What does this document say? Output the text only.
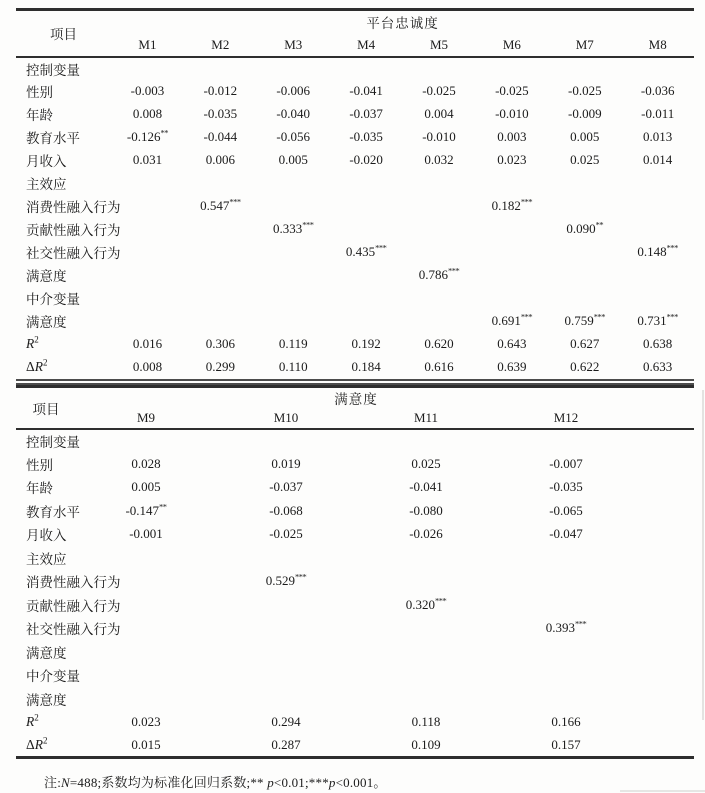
项目	平台忠诚度							
	M1	M2	M3	M4	M5	M6	M7	M8
控制变量								
性别	-0.003	-0.012	-0.006	-0.041	-0.025	-0.025	-0.025	-0.036
年龄	0.008	-0.035	-0.040	-0.037	0.004	-0.010	-0.009	-0.011
教育水平	-0.126**	-0.044	-0.056	-0.035	-0.010	0.003	0.005	0.013
月收入	0.031	0.006	0.005	-0.020	0.032	0.023	0.025	0.014
主效应								
消费性融入行为		0.547***				0.182***		
贡献性融入行为			0.333***				0.090**	
社交性融入行为				0.435***				0.148***
满意度					0.786***			
中介变量								
满意度						0.691***	0.759***	0.731***
$R^2$	0.016	0.306	0.119	0.192	0.620	0.643	0.627	0.638
$\Delta R^2$	0.008	0.299	0.110	0.184	0.616	0.639	0.622	0.633
项目	满意度				
	M9	M10	M11	M12	
控制变量					
性别	0.028	0.019	0.025	-0.007	
年龄	0.005	-0.037	-0.041	-0.035	
教育水平	-0.147**	-0.068	-0.080	-0.065	
月收入	-0.001	-0.025	-0.026	-0.047	
主效应					
消费性融入行为		0.529***			
贡献性融入行为			0.320***		
社交性融入行为				0.393***	
满意度					
中介变量					
满意度					
$R^2$	0.023	0.294	0.118	0.166	
$\Delta R^2$	0.015	0.287	0.109	0.157	

注:N=488;系数均为标准化回归系数;** p<0.01;***p<0.001。
